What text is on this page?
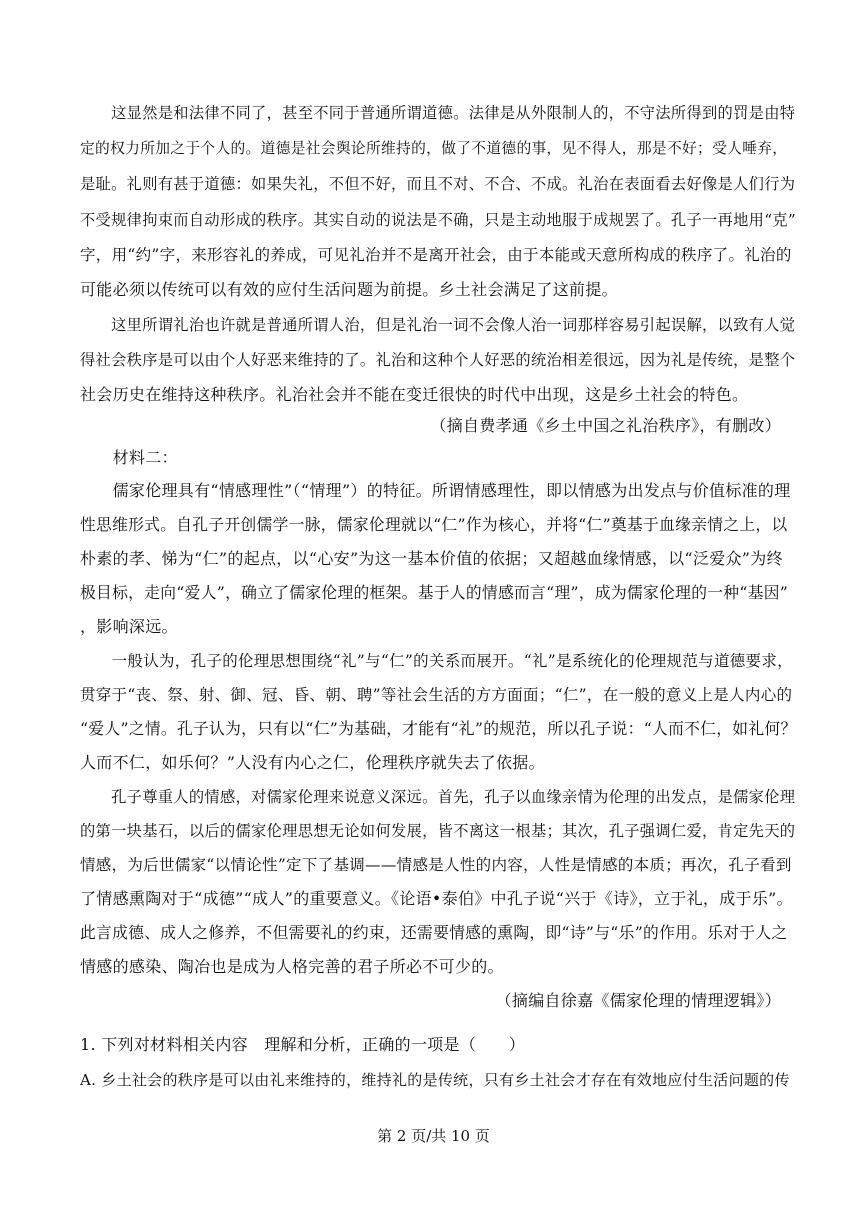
　　这显然是和法律不同了，甚至不同于普通所谓道德。法律是从外限制人的，不守法所得到的罚是由特
定的权力所加之于个人的。道德是社会舆论所维持的，做了不道德的事，见不得人，那是不好；受人唾弃，
是耻。礼则有甚于道德：如果失礼，不但不好，而且不对、不合、不成。礼治在表面看去好像是人们行为
不受规律拘束而自动形成的秩序。其实自动的说法是不确，只是主动地服于成规罢了。孔子一再地用“克”
字，用“约”字，来形容礼的养成，可见礼治并不是离开社会，由于本能或天意所构成的秩序了。礼治的
可能必须以传统可以有效的应付生活问题为前提。乡土社会满足了这前提。
　　这里所谓礼治也许就是普通所谓人治，但是礼治一词不会像人治一词那样容易引起误解，以致有人觉
得社会秩序是可以由个人好恶来维持的了。礼治和这种个人好恶的统治相差很远，因为礼是传统，是整个
社会历史在维持这种秩序。礼治社会并不能在变迁很快的时代中出现，这是乡土社会的特色。
（摘自费孝通《乡土中国之礼治秩序》，有删改）
　　材料二：
　　儒家伦理具有“情感理性”（“情理”）的特征。所谓情感理性，即以情感为出发点与价值标准的理
性思维形式。自孔子开创儒学一脉，儒家伦理就以“仁”作为核心，并将“仁”奠基于血缘亲情之上，以
朴素的孝、悌为“仁”的起点，以“心安”为这一基本价值的依据；又超越血缘情感，以“泛爱众”为终
极目标，走向“爱人”，确立了儒家伦理的框架。基于人的情感而言“理”，成为儒家伦理的一种“基因”
，影响深远。
　　一般认为，孔子的伦理思想围绕“礼”与“仁”的关系而展开。“礼”是系统化的伦理规范与道德要求，
贯穿于“丧、祭、射、御、冠、昏、朝、聘”等社会生活的方方面面；“仁”，在一般的意义上是人内心的
“爱人”之情。孔子认为，只有以“仁”为基础，才能有“礼”的规范，所以孔子说：“人而不仁，如礼何？
人而不仁，如乐何？”人没有内心之仁，伦理秩序就失去了依据。
　　孔子尊重人的情感，对儒家伦理来说意义深远。首先，孔子以血缘亲情为伦理的出发点，是儒家伦理
的第一块基石，以后的儒家伦理思想无论如何发展，皆不离这一根基；其次，孔子强调仁爱，肯定先天的
情感，为后世儒家“以情论性”定下了基调——情感是人性的内容，人性是情感的本质；再次，孔子看到
了情感熏陶对于“成德”“成人”的重要意义。《论语•泰伯》中孔子说“兴于《诗》，立于礼，成于乐”。
此言成德、成人之修养，不但需要礼的约束，还需要情感的熏陶，即“诗”与“乐”的作用。乐对于人之
情感的感染、陶冶也是成为人格完善的君子所必不可少的。
（摘编自徐嘉《儒家伦理的情理逻辑》）
1. 下列对材料相关内容　理解和分析，正确的一项是（　　）
A. 乡土社会的秩序是可以由礼来维持的，维持礼的是传统，只有乡土社会才存在有效地应付生活问题的传
第 2 页/共 10 页
